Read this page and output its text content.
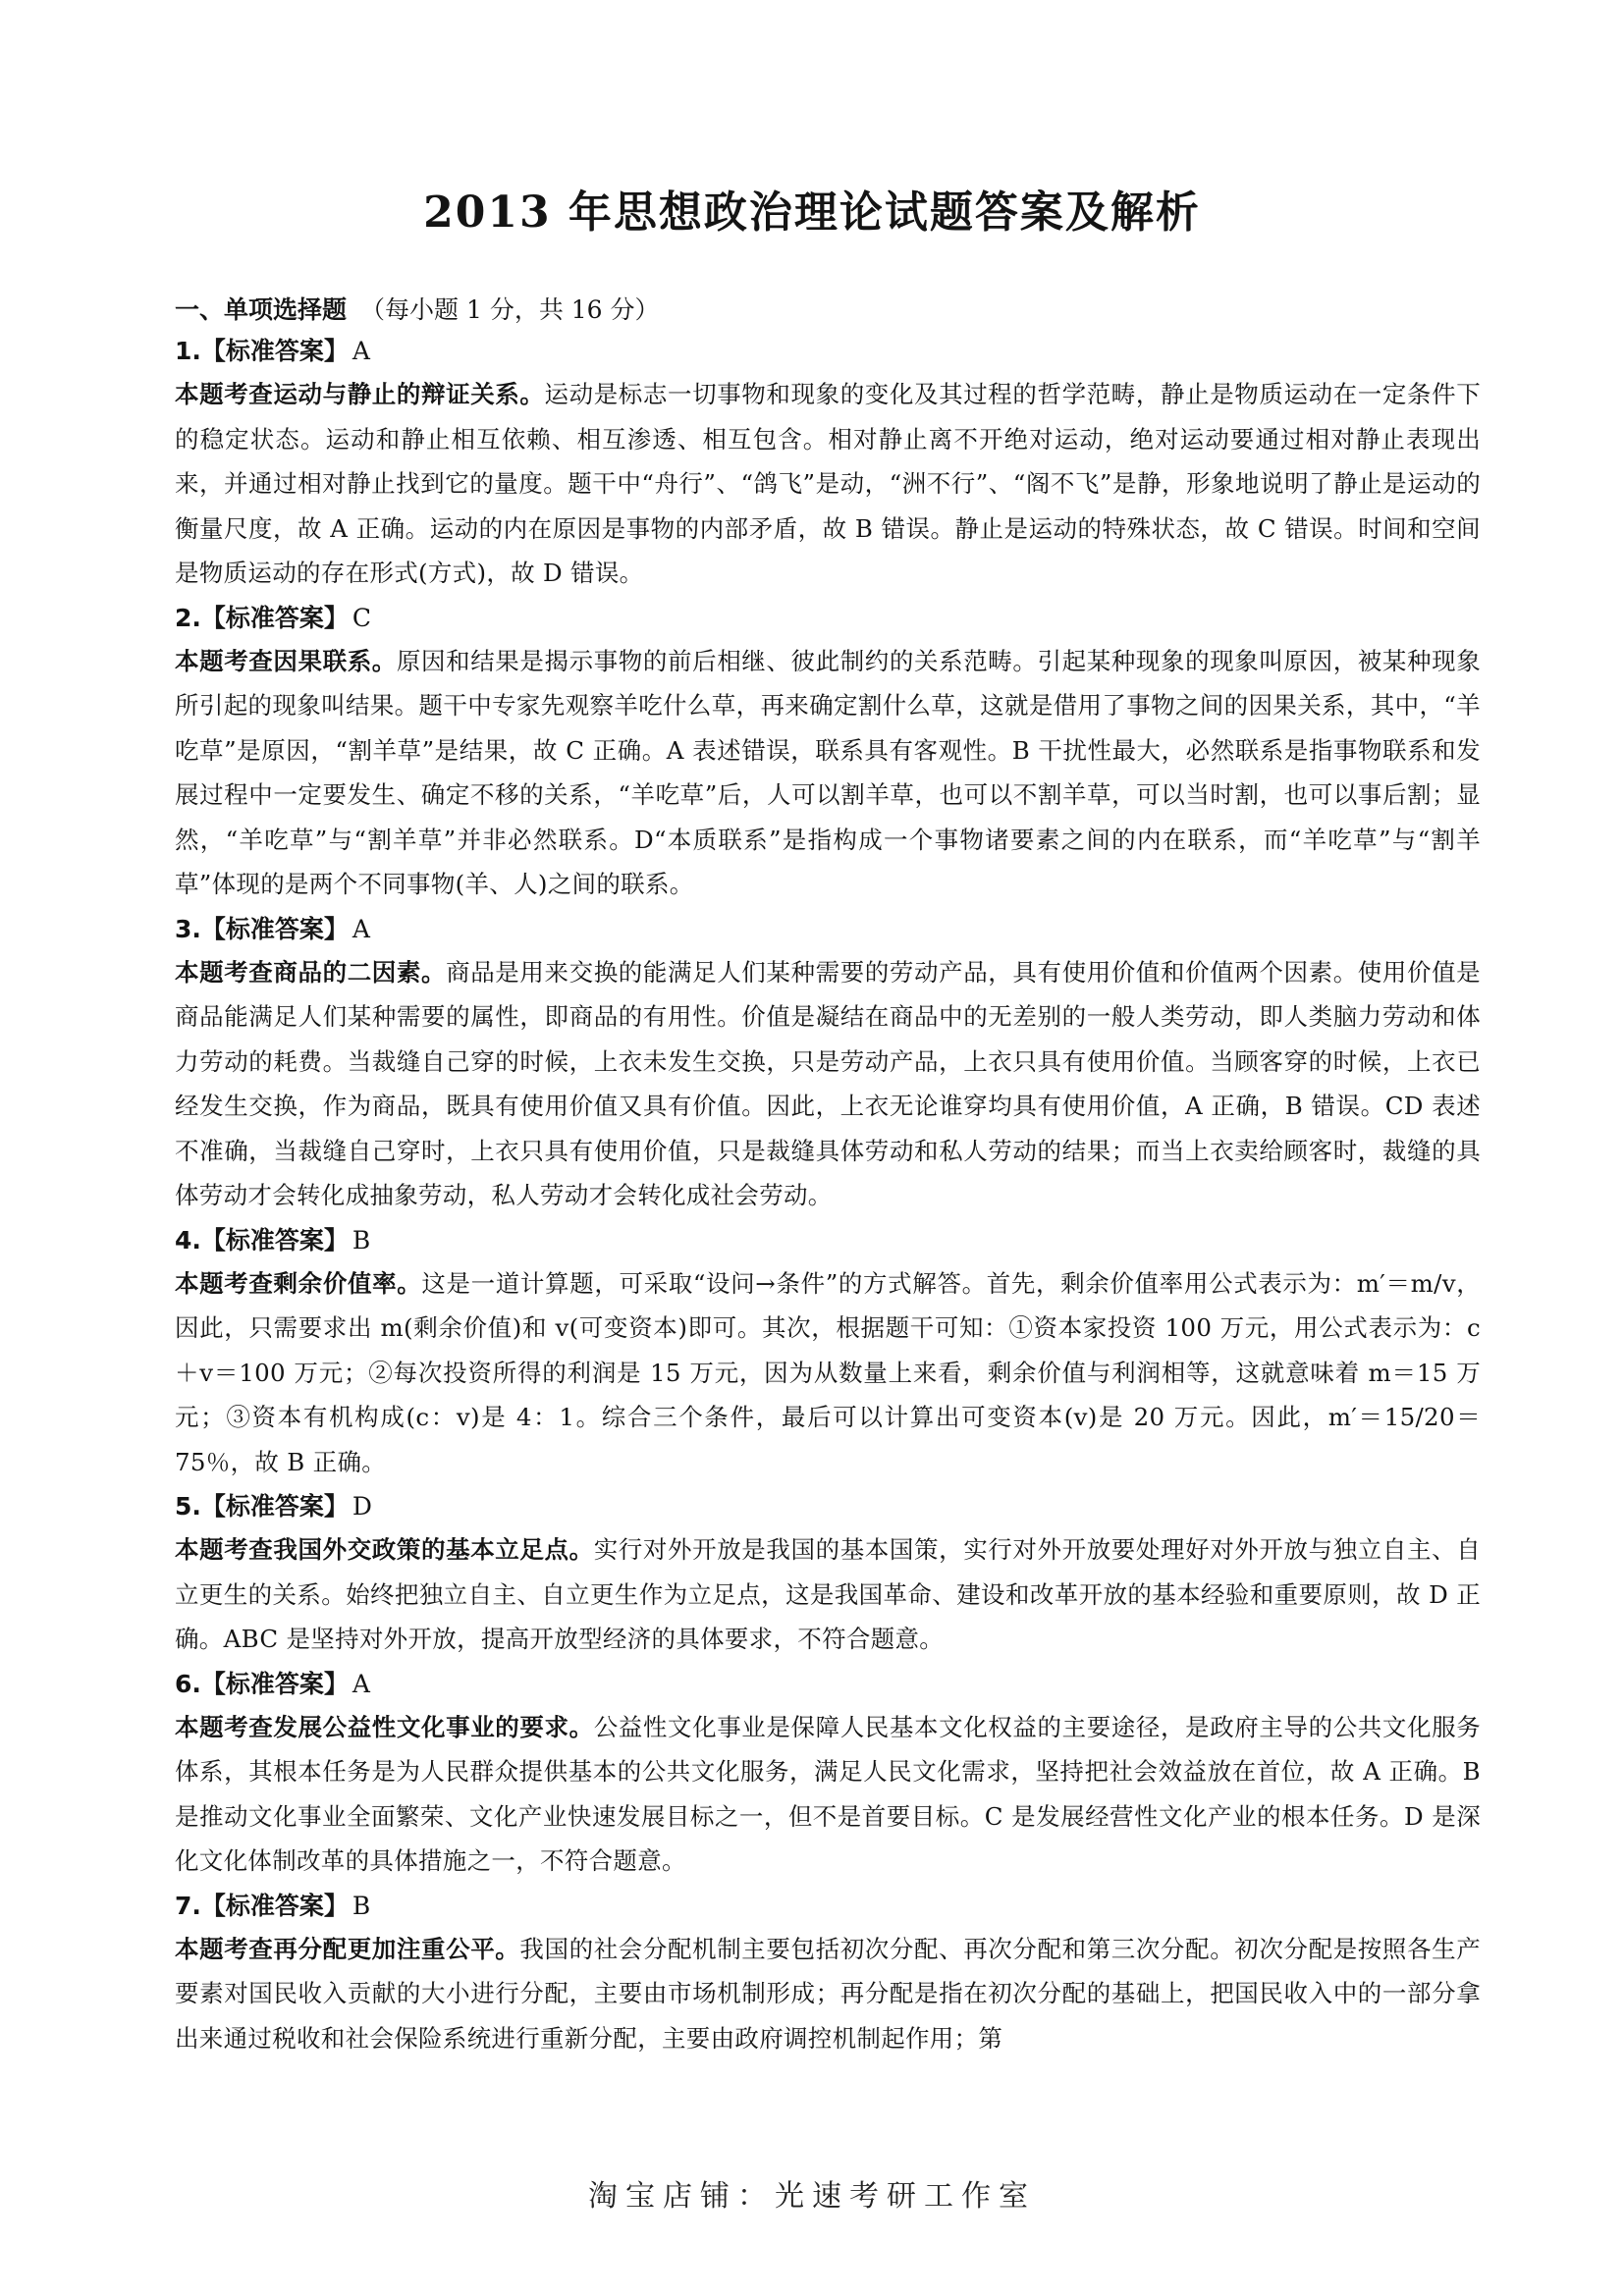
2013 年思想政治理论试题答案及解析
一、单项选择题 （每小题 1 分，共 16 分）
1.【标准答案】 A
本题考查运动与静止的辩证关系。运动是标志一切事物和现象的变化及其过程的哲学范畴，静止是物质运动在一定条件下的稳定状态。运动和静止相互依赖、相互渗透、相互包含。相对静止离不开绝对运动，绝对运动要通过相对静止表现出来，并通过相对静止找到它的量度。题干中“舟行”、“鸽飞”是动，“洲不行”、“阁不飞”是静，形象地说明了静止是运动的衡量尺度，故 A 正确。运动的内在原因是事物的内部矛盾，故 B 错误。静止是运动的特殊状态，故 C 错误。时间和空间是物质运动的存在形式(方式)，故 D 错误。
2.【标准答案】 C
本题考查因果联系。原因和结果是揭示事物的前后相继、彼此制约的关系范畴。引起某种现象的现象叫原因，被某种现象所引起的现象叫结果。题干中专家先观察羊吃什么草，再来确定割什么草，这就是借用了事物之间的因果关系，其中，“羊吃草”是原因，“割羊草”是结果，故 C 正确。A 表述错误，联系具有客观性。B 干扰性最大，必然联系是指事物联系和发展过程中一定要发生、确定不移的关系，“羊吃草”后，人可以割羊草，也可以不割羊草，可以当时割，也可以事后割；显然，“羊吃草”与“割羊草”并非必然联系。D“本质联系”是指构成一个事物诸要素之间的内在联系，而“羊吃草”与“割羊草”体现的是两个不同事物(羊、人)之间的联系。
3.【标准答案】 A
本题考查商品的二因素。商品是用来交换的能满足人们某种需要的劳动产品，具有使用价值和价值两个因素。使用价值是商品能满足人们某种需要的属性，即商品的有用性。价值是凝结在商品中的无差别的一般人类劳动，即人类脑力劳动和体力劳动的耗费。当裁缝自己穿的时候，上衣未发生交换，只是劳动产品，上衣只具有使用价值。当顾客穿的时候，上衣已经发生交换，作为商品，既具有使用价值又具有价值。因此，上衣无论谁穿均具有使用价值，A 正确，B 错误。CD 表述不准确，当裁缝自己穿时，上衣只具有使用价值，只是裁缝具体劳动和私人劳动的结果；而当上衣卖给顾客时，裁缝的具体劳动才会转化成抽象劳动，私人劳动才会转化成社会劳动。
4.【标准答案】 B
本题考查剩余价值率。这是一道计算题，可采取“设问→条件”的方式解答。首先，剩余价值率用公式表示为：m′＝m/v，因此，只需要求出 m(剩余价值)和 v(可变资本)即可。其次，根据题干可知：①资本家投资 100 万元，用公式表示为：c＋v＝100 万元；②每次投资所得的利润是 15 万元，因为从数量上来看，剩余价值与利润相等，这就意味着 m＝15 万元；③资本有机构成(c：v)是 4：1。综合三个条件，最后可以计算出可变资本(v)是 20 万元。因此，m′＝15/20＝75％，故 B 正确。
5.【标准答案】 D
本题考查我国外交政策的基本立足点。实行对外开放是我国的基本国策，实行对外开放要处理好对外开放与独立自主、自立更生的关系。始终把独立自主、自立更生作为立足点，这是我国革命、建设和改革开放的基本经验和重要原则，故 D 正确。ABC 是坚持对外开放，提高开放型经济的具体要求，不符合题意。
6.【标准答案】 A
本题考查发展公益性文化事业的要求。公益性文化事业是保障人民基本文化权益的主要途径，是政府主导的公共文化服务体系，其根本任务是为人民群众提供基本的公共文化服务，满足人民文化需求，坚持把社会效益放在首位，故 A 正确。B 是推动文化事业全面繁荣、文化产业快速发展目标之一，但不是首要目标。C 是发展经营性文化产业的根本任务。D 是深化文化体制改革的具体措施之一，不符合题意。
7.【标准答案】 B
本题考查再分配更加注重公平。我国的社会分配机制主要包括初次分配、再次分配和第三次分配。初次分配是按照各生产要素对国民收入贡献的大小进行分配，主要由市场机制形成；再分配是指在初次分配的基础上，把国民收入中的一部分拿出来通过税收和社会保险系统进行重新分配，主要由政府调控机制起作用；第
淘宝店铺：光速考研工作室
